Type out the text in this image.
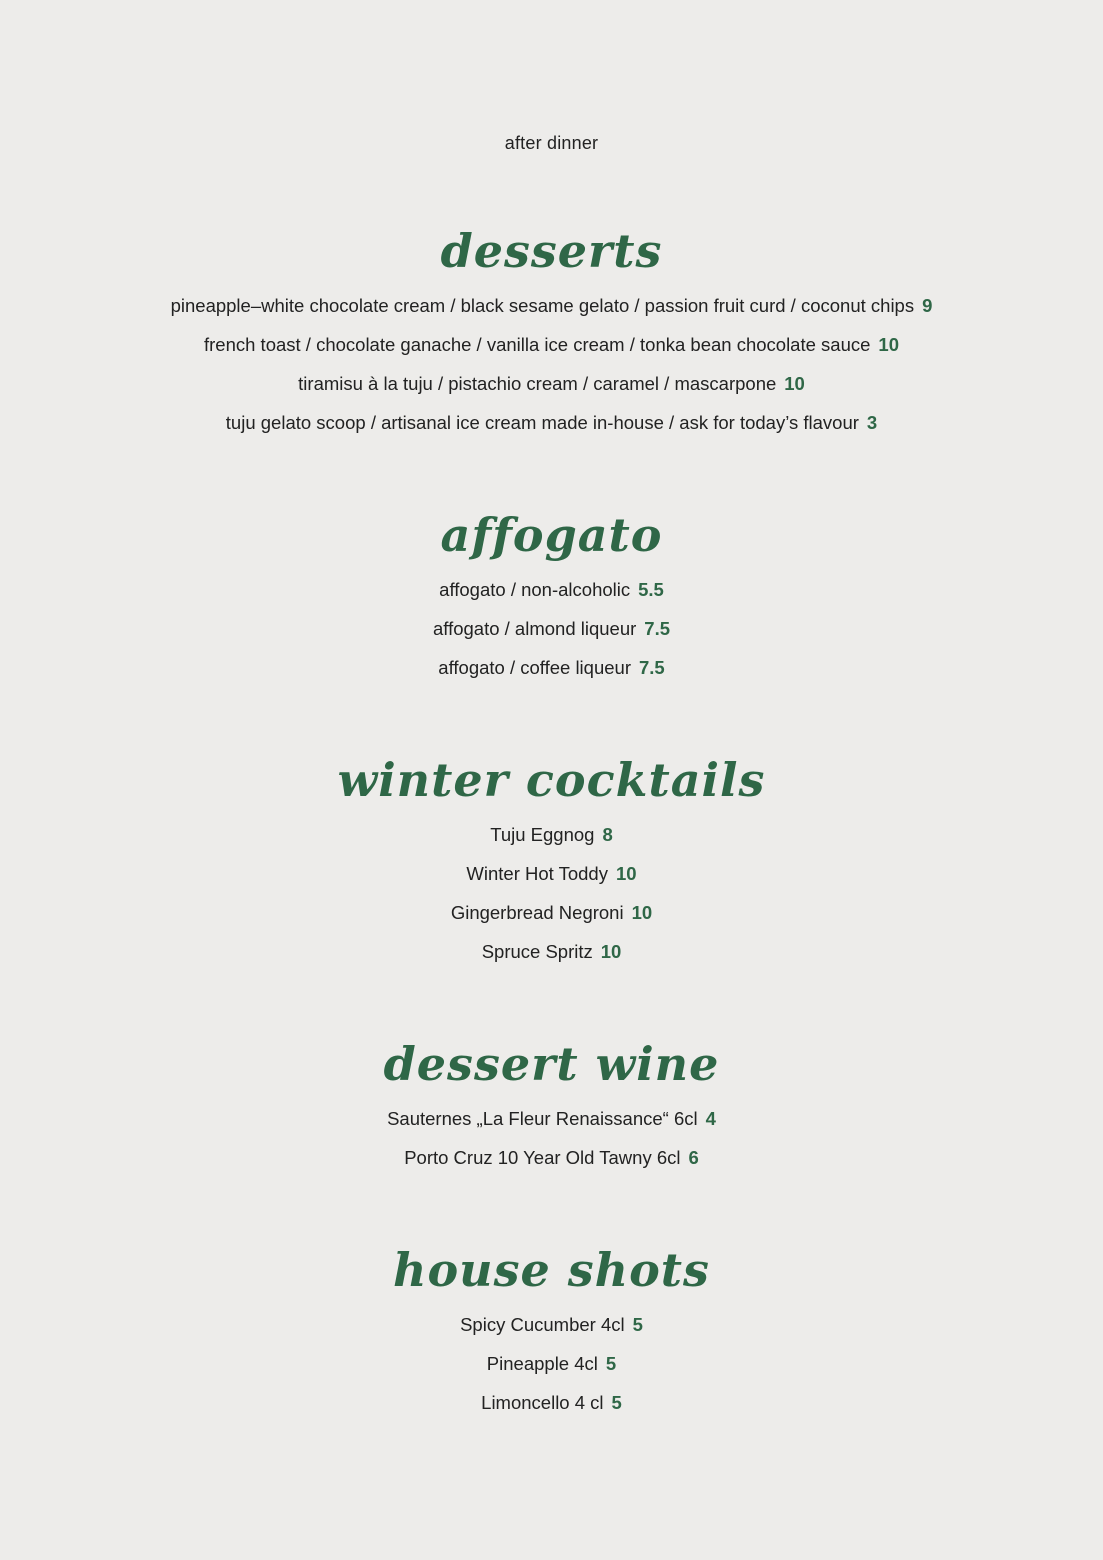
after dinner
desserts
pineapple–white chocolate cream / black sesame gelato / passion fruit curd / coconut chips 9
french toast / chocolate ganache / vanilla ice cream / tonka bean chocolate sauce 10
tiramisu à la tuju / pistachio cream / caramel / mascarpone 10
tuju gelato scoop / artisanal ice cream made in-house / ask for today’s flavour 3
affogato
affogato / non-alcoholic 5.5
affogato / almond liqueur 7.5
affogato / coffee liqueur 7.5
winter cocktails
Tuju Eggnog 8
Winter Hot Toddy 10
Gingerbread Negroni 10
Spruce Spritz 10
dessert wine
Sauternes „La Fleur Renaissance“ 6cl 4
Porto Cruz 10 Year Old Tawny 6cl 6
house shots
Spicy Cucumber 4cl 5
Pineapple 4cl 5
Limoncello 4 cl 5
